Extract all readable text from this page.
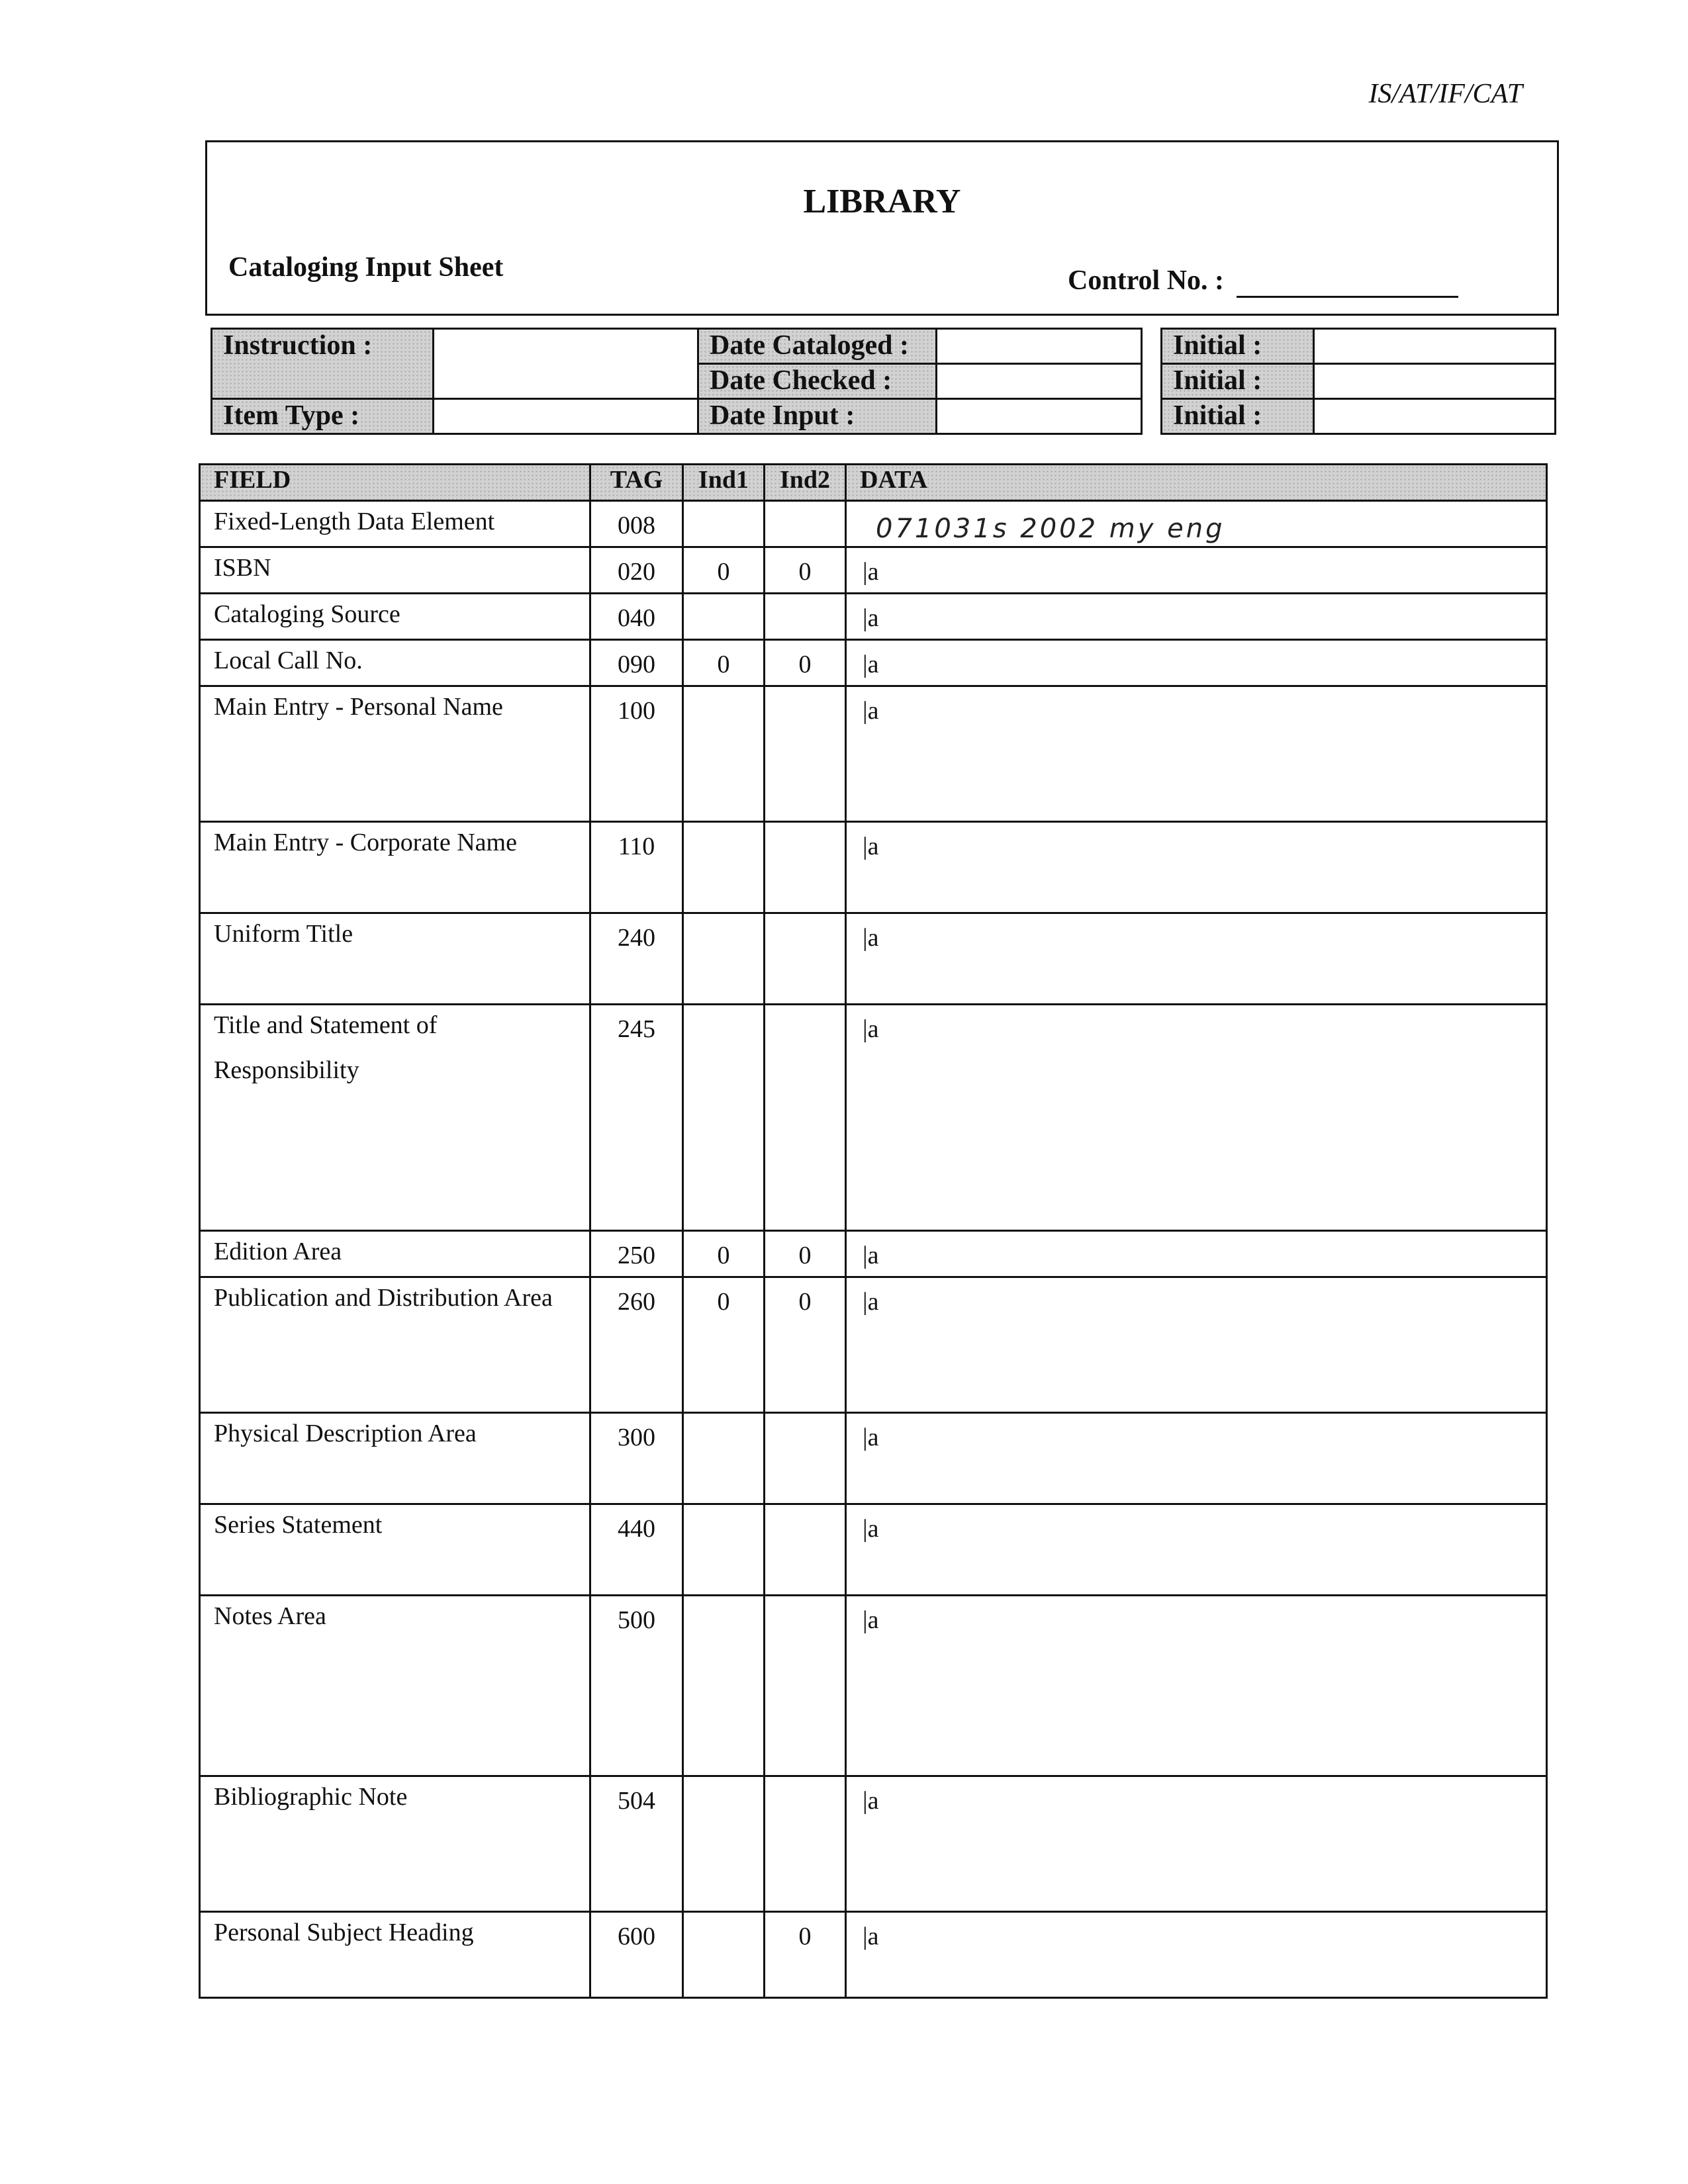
IS/AT/IF/CAT
LIBRARY
Cataloging Input Sheet	Control No. :
Instruction :		Date Cataloged :			Initial :	
		Date Checked :			Initial :	
Item Type :		Date Input :			Initial :	
FIELD	TAG	Ind1	Ind2	DATA
Fixed-Length Data Element	008			071031s 2002 my eng
ISBN	020	0	0	|a
Cataloging Source	040			|a
Local Call No.	090	0	0	|a
Main Entry - Personal Name	100			|a
Main Entry - Corporate Name	110			|a
Uniform Title	240			|a
Title and Statement of
Responsibility	245			|a
Edition Area	250	0	0	|a
Publication and Distribution Area	260	0	0	|a
Physical Description Area	300			|a
Series Statement	440			|a
Notes Area	500			|a
Bibliographic Note	504			|a
Personal Subject Heading	600		0	|a
